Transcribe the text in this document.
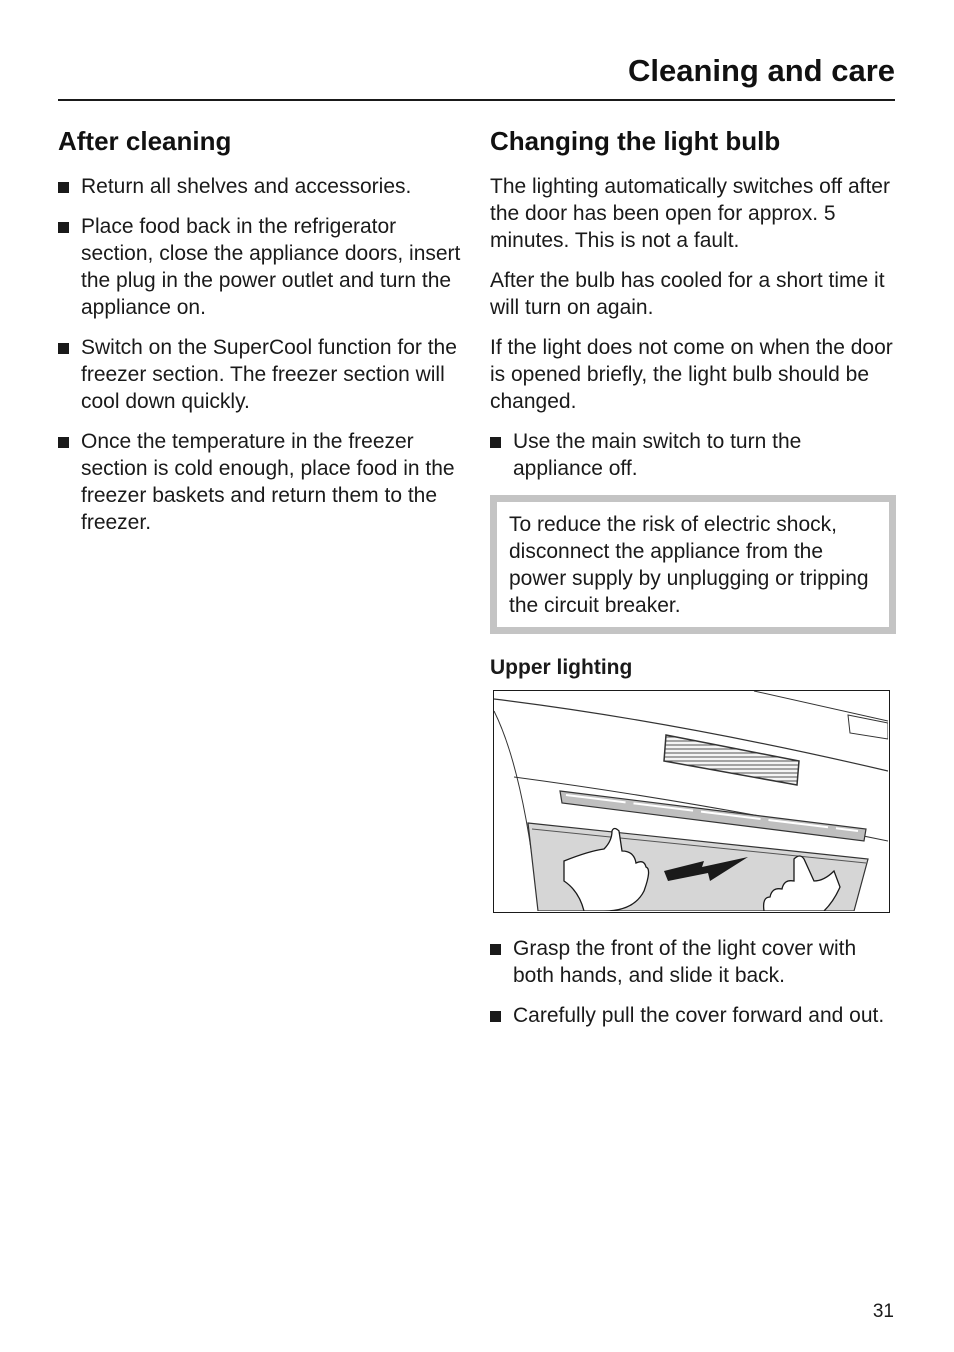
Cleaning and care
After cleaning
Return all shelves and accessories.
Place food back in the refrigerator section, close the appliance doors, insert the plug in the power outlet and turn the appliance on.
Switch on the SuperCool function for the freezer section. The freezer section will cool down quickly.
Once the temperature in the freezer section is cold enough, place food in the freezer baskets and return them to the freezer.
Changing the light bulb

The lighting automatically switches off after the door has been open for approx. 5 minutes. This is not a fault.

After the bulb has cooled for a short time it will turn on again.

If the light does not come on when the door is opened briefly, the light bulb should be changed.

Use the main switch to turn the appliance off.
To reduce the risk of electric shock, disconnect the appliance from the power supply by unplugging or tripping the circuit breaker.
Upper lighting
Grasp the front of the light cover with both hands, and slide it back.
Carefully pull the cover forward and out.
31
